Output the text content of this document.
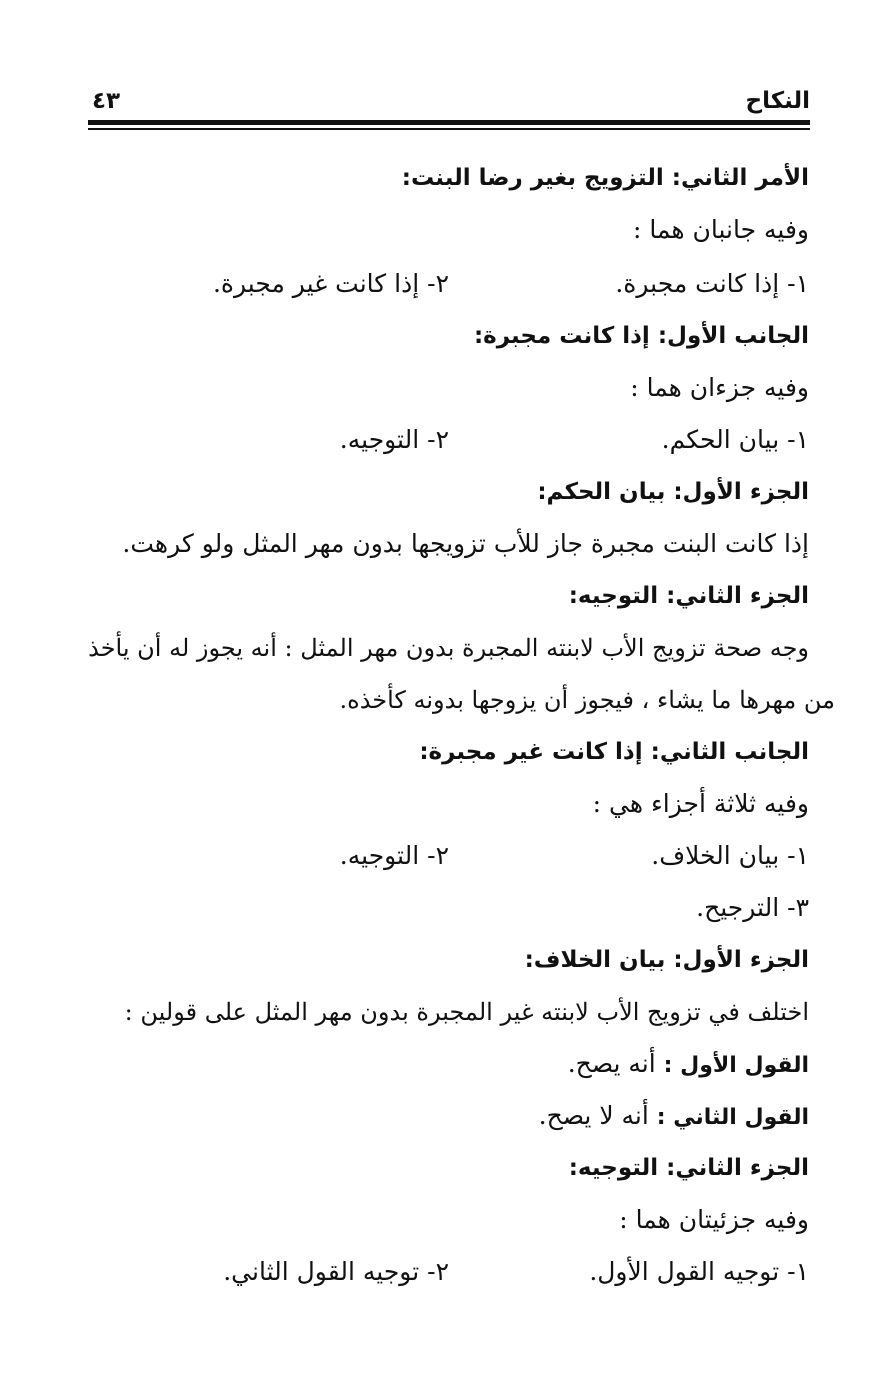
النكاح
٤٣
الأمر الثاني: التزويج بغير رضا البنت:
وفيه جانبان هما :
١- إذا كانت مجبرة.
٢- إذا كانت غير مجبرة.
الجانب الأول: إذا كانت مجبرة:
وفيه جزءان هما :
١- بيان الحكم.
٢- التوجيه.
الجزء الأول: بيان الحكم:
إذا كانت البنت مجبرة جاز للأب تزويجها بدون مهر المثل ولو كرهت.
الجزء الثاني: التوجيه:
وجه صحة تزويج الأب لابنته المجبرة بدون مهر المثل : أنه يجوز له أن يأخذ
من مهرها ما يشاء ، فيجوز أن يزوجها بدونه كأخذه.
الجانب الثاني: إذا كانت غير مجبرة:
وفيه ثلاثة أجزاء هي :
١- بيان الخلاف.
٢- التوجيه.
٣- الترجيح.
الجزء الأول: بيان الخلاف:
اختلف في تزويج الأب لابنته غير المجبرة بدون مهر المثل على قولين :
القول الأول : أنه يصح.
القول الثاني : أنه لا يصح.
الجزء الثاني: التوجيه:
وفيه جزئيتان هما :
١- توجيه القول الأول.
٢- توجيه القول الثاني.
